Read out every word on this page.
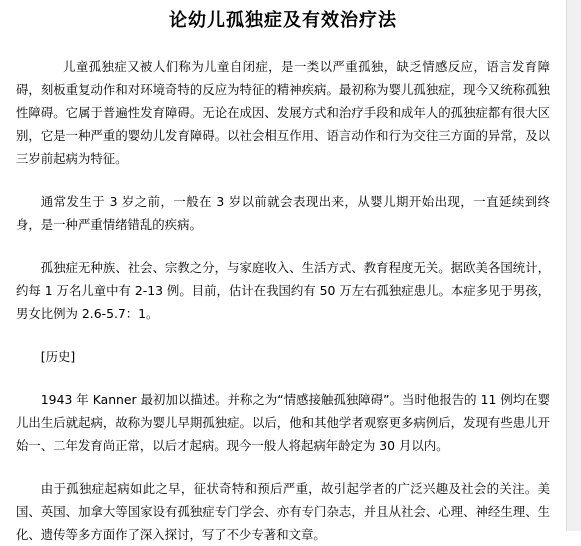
论幼儿孤独症及有效治疗法

儿童孤独症又被人们称为儿童自闭症，是一类以严重孤独，缺乏情感反应，语言发育障碍，刻板重复动作和对环境奇特的反应为特征的精神疾病。最初称为婴儿孤独症，现今又统称孤独性障碍。它属于普遍性发育障碍。无论在成因、发展方式和治疗手段和成年人的孤独症都有很大区别，它是一种严重的婴幼儿发育障碍。以社会相互作用、语言动作和行为交往三方面的异常，及以三岁前起病为特征。

通常发生于 3 岁之前，一般在 3 岁以前就会表现出来，从婴儿期开始出现，一直延续到终身，是一种严重情绪错乱的疾病。

孤独症无种族、社会、宗教之分，与家庭收入、生活方式、教育程度无关。据欧美各国统计，约每 1 万名儿童中有 2-13 例。目前，估计在我国约有 50 万左右孤独症患儿。本症多见于男孩，男女比例为 2.6-5.7：1。

[历史]

1943 年 Kanner 最初加以描述。并称之为“情感接触孤独障碍”。当时他报告的 11 例均在婴儿出生后就起病，故称为婴儿早期孤独症。以后，他和其他学者观察更多病例后，发现有些患儿开始一、二年发育尚正常，以后才起病。现今一般人将起病年龄定为 30 月以内。

由于孤独症起病如此之早，征状奇特和预后严重，故引起学者的广泛兴趣及社会的关注。美国、英国、加拿大等国家设有孤独症专门学会、亦有专门杂志，并且从社会、心理、神经生理、生化、遗传等多方面作了深入探讨，写了不少专著和文章。
